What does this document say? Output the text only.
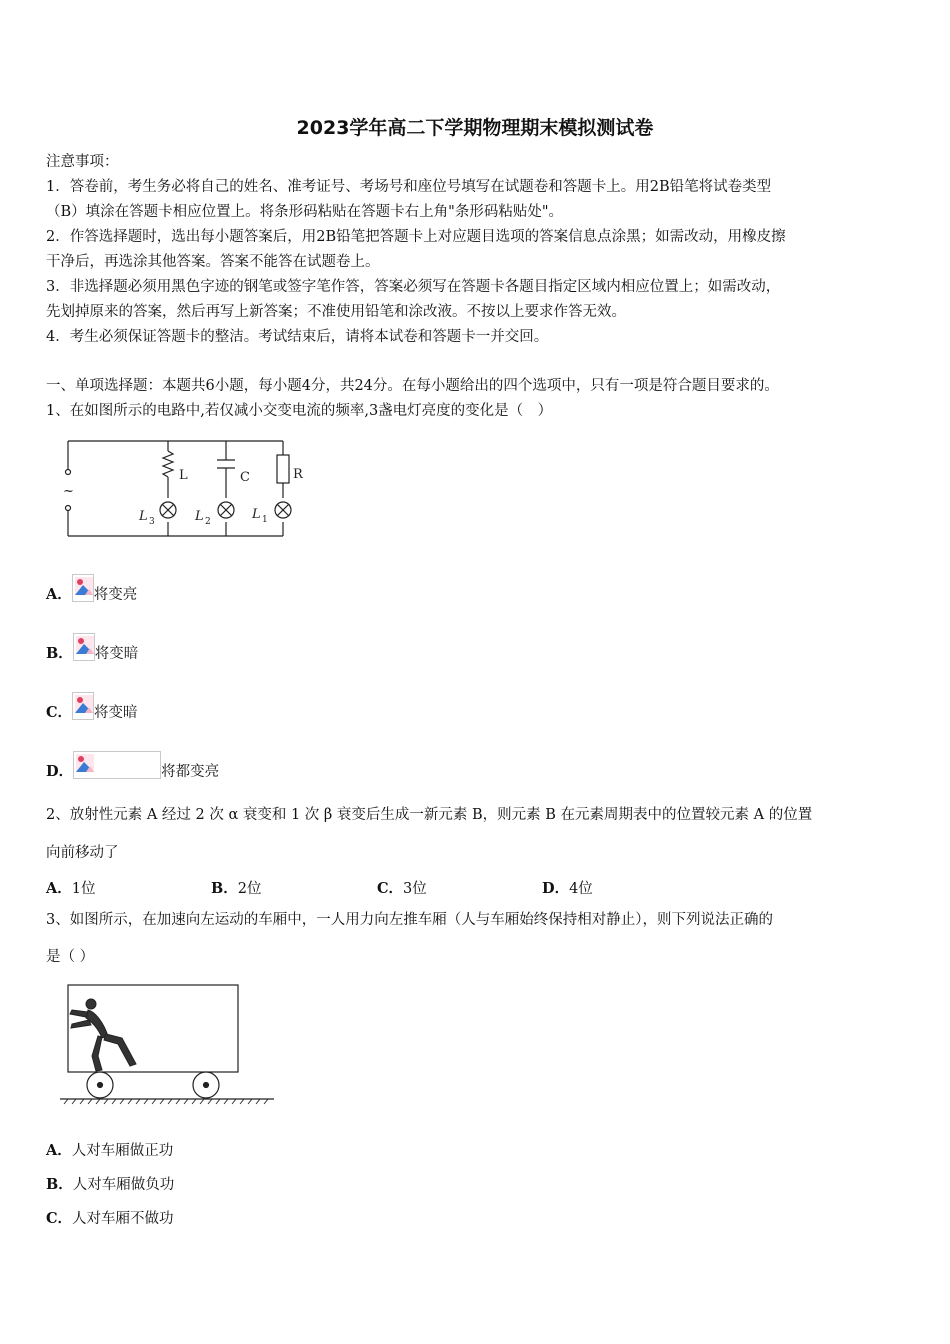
2023学年高二下学期物理期末模拟测试卷
注意事项：
1．答卷前，考生务必将自己的姓名、准考证号、考场号和座位号填写在试题卷和答题卡上。用2B铅笔将试卷类型
（B）填涂在答题卡相应位置上。将条形码粘贴在答题卡右上角"条形码粘贴处"。
2．作答选择题时，选出每小题答案后，用2B铅笔把答题卡上对应题目选项的答案信息点涂黑；如需改动，用橡皮擦
干净后，再选涂其他答案。答案不能答在试题卷上。
3．非选择题必须用黑色字迹的钢笔或签字笔作答，答案必须写在答题卡各题目指定区域内相应位置上；如需改动，
先划掉原来的答案，然后再写上新答案；不准使用铅笔和涂改液。不按以上要求作答无效。
4．考生必须保证答题卡的整洁。考试结束后，请将本试卷和答题卡一并交回。
一、单项选择题：本题共6小题，每小题4分，共24分。在每小题给出的四个选项中，只有一项是符合题目要求的。
1、在如图所示的电路中,若仅减小交变电流的频率,3盏电灯亮度的变化是（　）
~
L	C	R
L 3	L 2	L 1
A． 将变亮
B． 将变暗
C． 将变暗
D．	将都变亮
2、放射性元素 A 经过 2 次 α 衰变和 1 次 β 衰变后生成一新元素 B，则元素 B 在元素周期表中的位置较元素 A 的位置
向前移动了
A．1位	B．2位	C．3位	D．4位
3、如图所示，在加速向左运动的车厢中，一人用力向左推车厢（人与车厢始终保持相对静止），则下列说法正确的
是（ ）
A．人对车厢做正功
B．人对车厢做负功
C．人对车厢不做功
